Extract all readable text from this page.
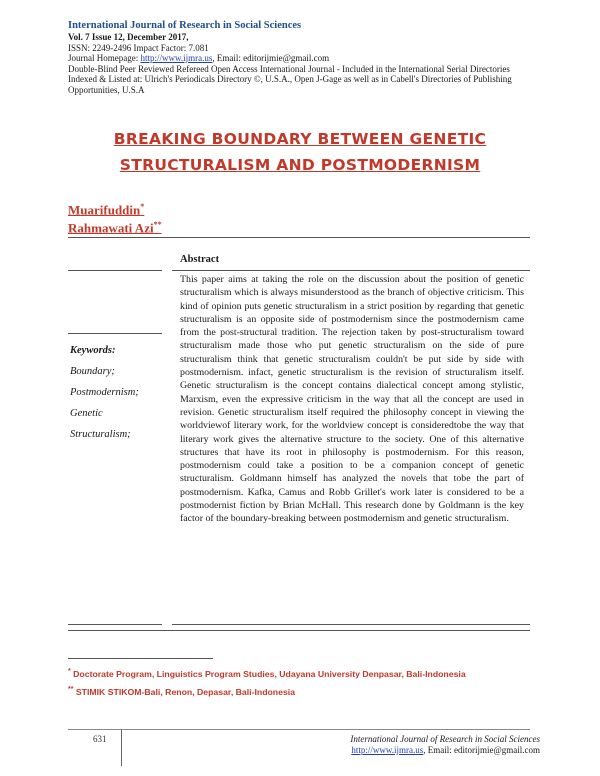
International Journal of Research in Social Sciences
Vol. 7 Issue 12, December 2017,
ISSN: 2249-2496 Impact Factor: 7.081
Journal Homepage: http://www.ijmra.us, Email: editorijmie@gmail.com
Double-Blind Peer Reviewed Refereed Open Access International Journal - Included in the International Serial Directories Indexed & Listed at: Ulrich's Periodicals Directory ©, U.S.A., Open J-Gage as well as in Cabell's Directories of Publishing Opportunities, U.S.A
BREAKING BOUNDARY BETWEEN GENETIC
STRUCTURALISM AND POSTMODERNISM
Muarifuddin*
Rahmawati Azi**
Abstract
Keywords:
Boundary;
Postmodernism;
Genetic
Structuralism;
This paper aims at taking the role on the discussion about the position of genetic structuralism which is always misunderstood as the branch of objective criticism. This kind of opinion puts genetic structuralism in a strict position by regarding that genetic structuralism is an opposite side of postmodernism since the postmodernism came from the post-structural tradition. The rejection taken by post-structuralism toward structuralism made those who put genetic structuralism on the side of pure structuralism think that genetic structuralism couldn't be put side by side with postmodernism. infact, genetic structuralism is the revision of structuralism itself. Genetic structuralism is the concept contains dialectical concept among stylistic, Marxism, even the expressive criticism in the way that all the concept are used in revision. Genetic structuralism itself required the philosophy concept in viewing the worldviewof literary work, for the worldview concept is consideredtobe the way that literary work gives the alternative structure to the society. One of this alternative structures that have its root in philosophy is postmodernism. For this reason, postmodernism could take a position to be a companion concept of genetic structuralism. Goldmann himself has analyzed the novels that tobe the part of postmodernism. Kafka, Camus and Robb Grillet's work later is considered to be a postmodernist fiction by Brian McHall. This research done by Goldmann is the key factor of the boundary-breaking between postmodernism and genetic structuralism.
* Doctorate Program, Linguistics Program Studies, Udayana University Denpasar, Bali-Indonesia
** STIMIK STIKOM-Bali, Renon, Depasar, Bali-Indonesia
631	International Journal of Research in Social Sciences
http://www.ijmra.us, Email: editorijmie@gmail.com
